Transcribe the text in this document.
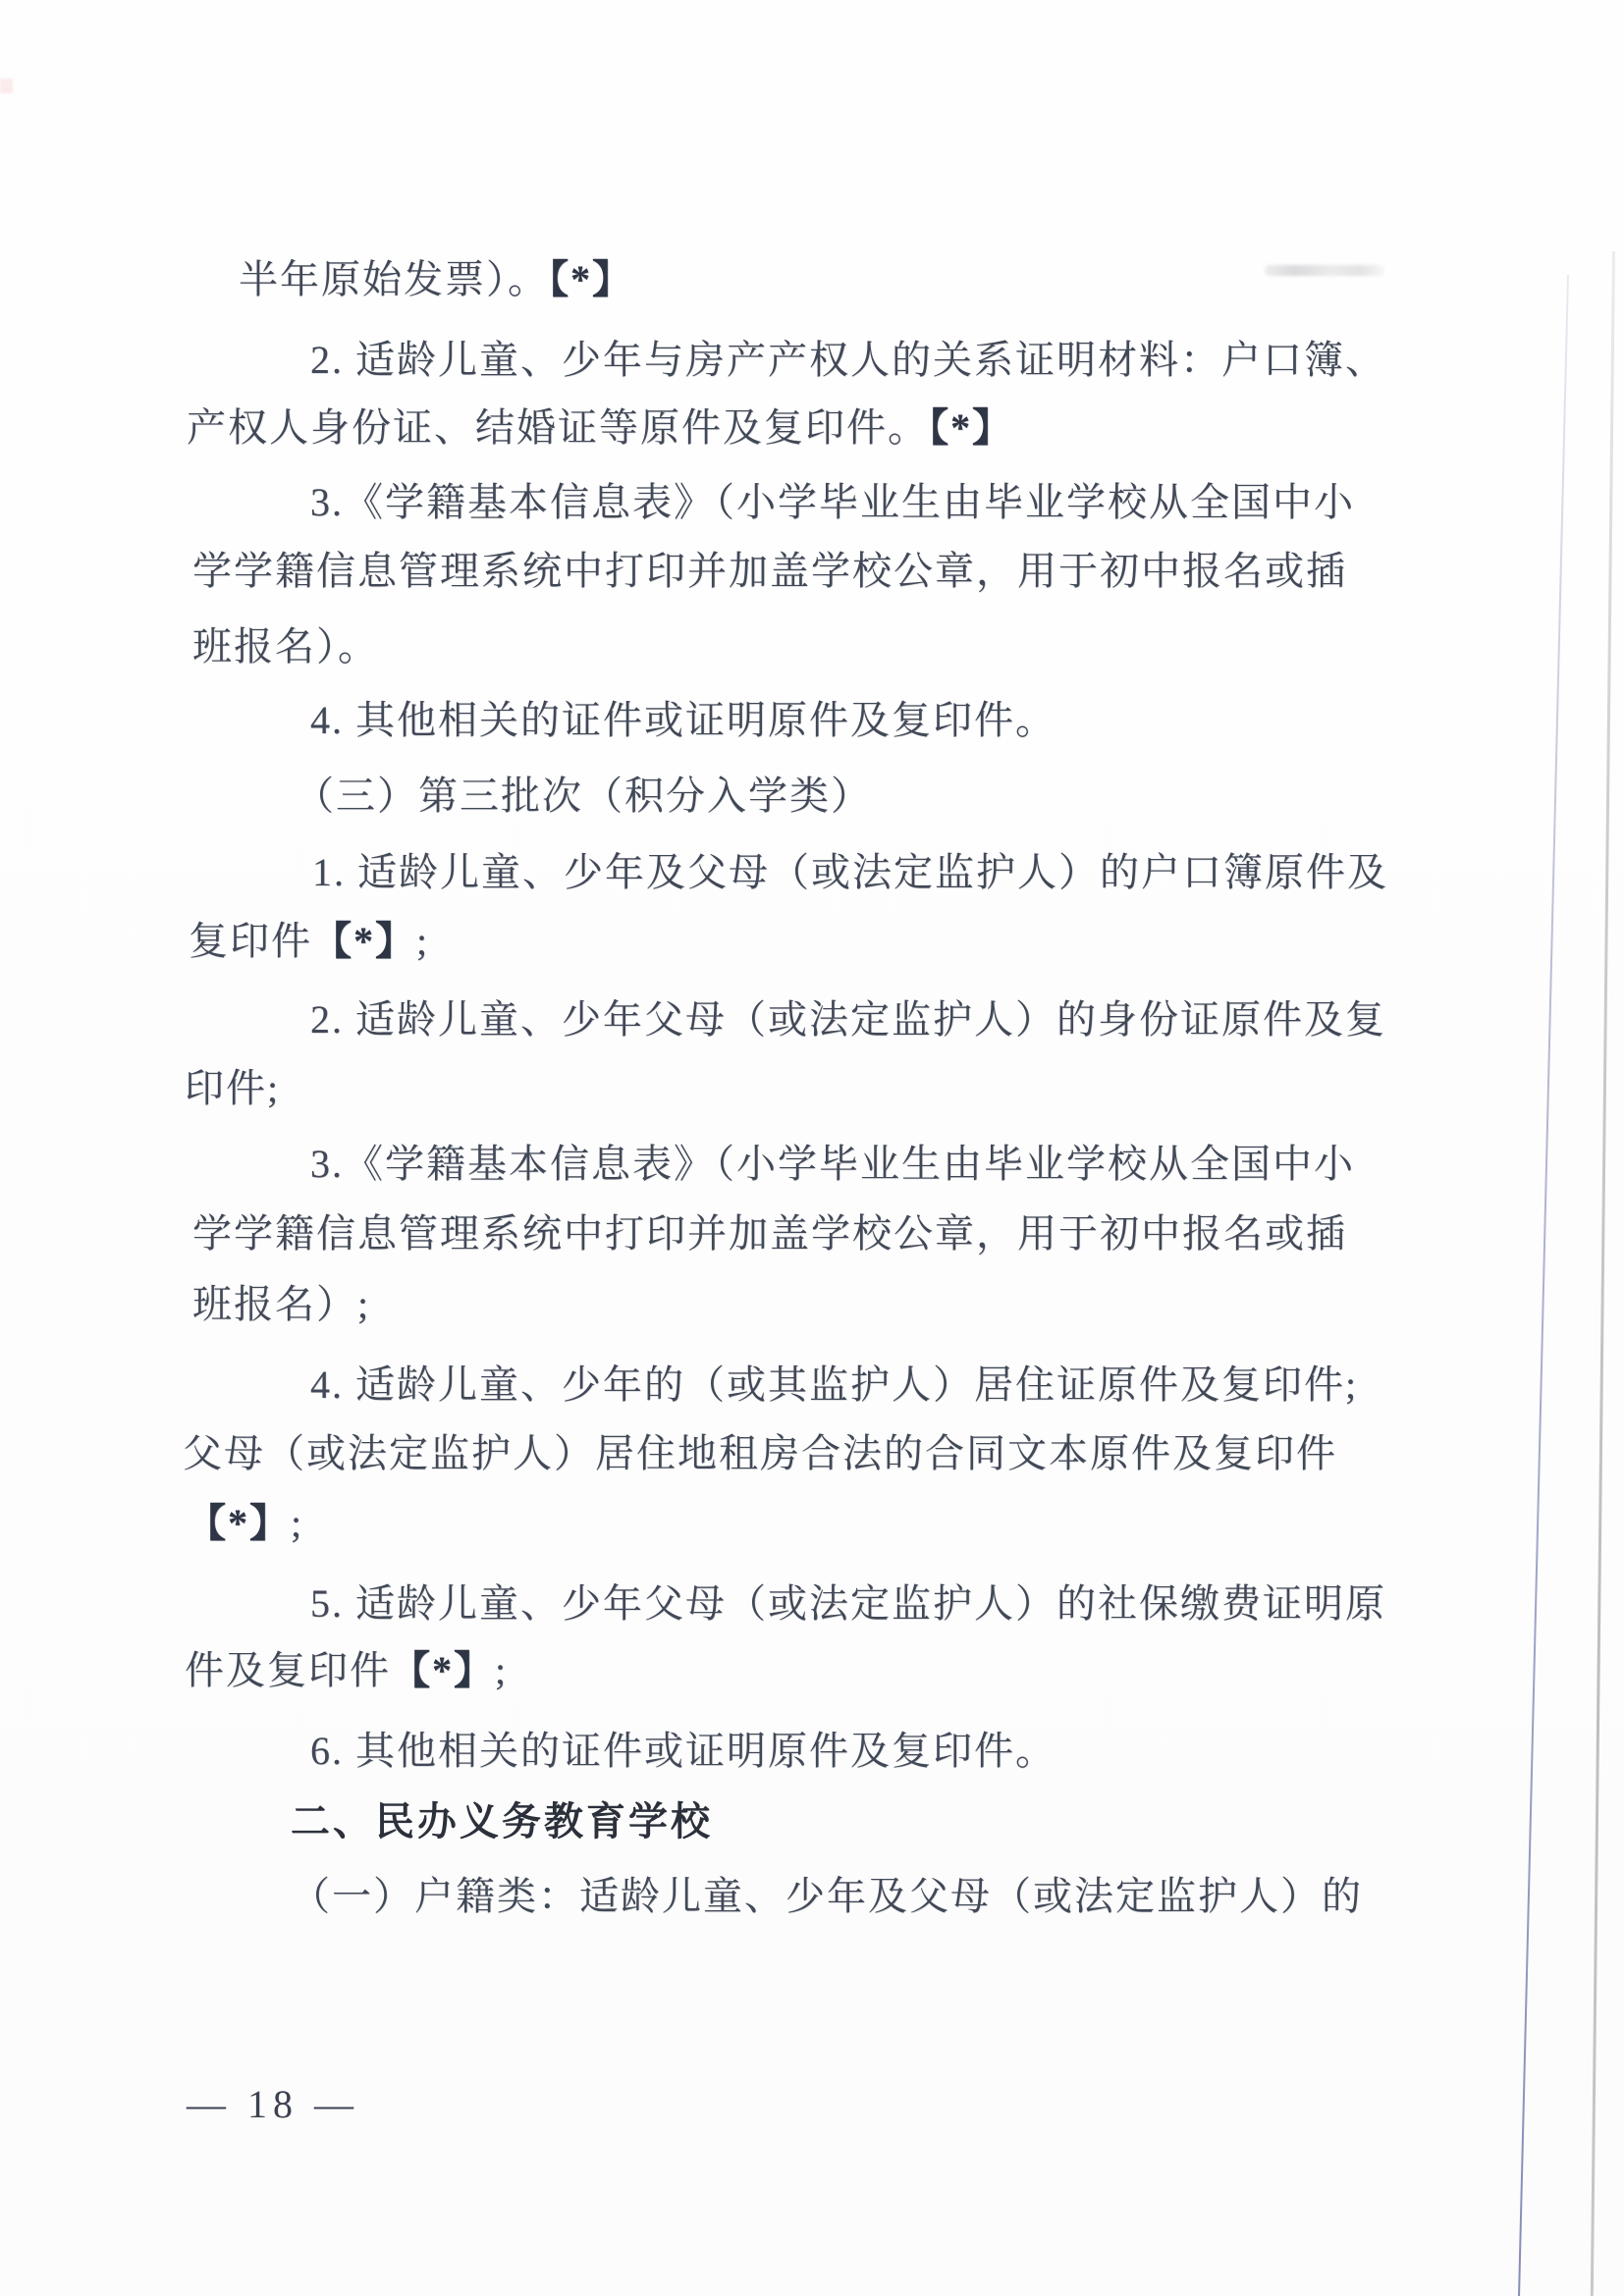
半年原始发票）。【*】
2. 适龄儿童、少年与房产产权人的关系证明材料：户口簿、
产权人身份证、结婚证等原件及复印件。【*】
3.《学籍基本信息表》（小学毕业生由毕业学校从全国中小
学学籍信息管理系统中打印并加盖学校公章，用于初中报名或插
班报名）。
4. 其他相关的证件或证明原件及复印件。
（三）第三批次（积分入学类）
1. 适龄儿童、少年及父母（或法定监护人）的户口簿原件及
复印件【*】;
2. 适龄儿童、少年父母（或法定监护人）的身份证原件及复
印件;
3.《学籍基本信息表》（小学毕业生由毕业学校从全国中小
学学籍信息管理系统中打印并加盖学校公章，用于初中报名或插
班报名）;
4. 适龄儿童、少年的（或其监护人）居住证原件及复印件;
父母（或法定监护人）居住地租房合法的合同文本原件及复印件
【*】;
5. 适龄儿童、少年父母（或法定监护人）的社保缴费证明原
件及复印件【*】;
6. 其他相关的证件或证明原件及复印件。
二、民办义务教育学校
（一）户籍类：适龄儿童、少年及父母（或法定监护人）的
— 18 —
